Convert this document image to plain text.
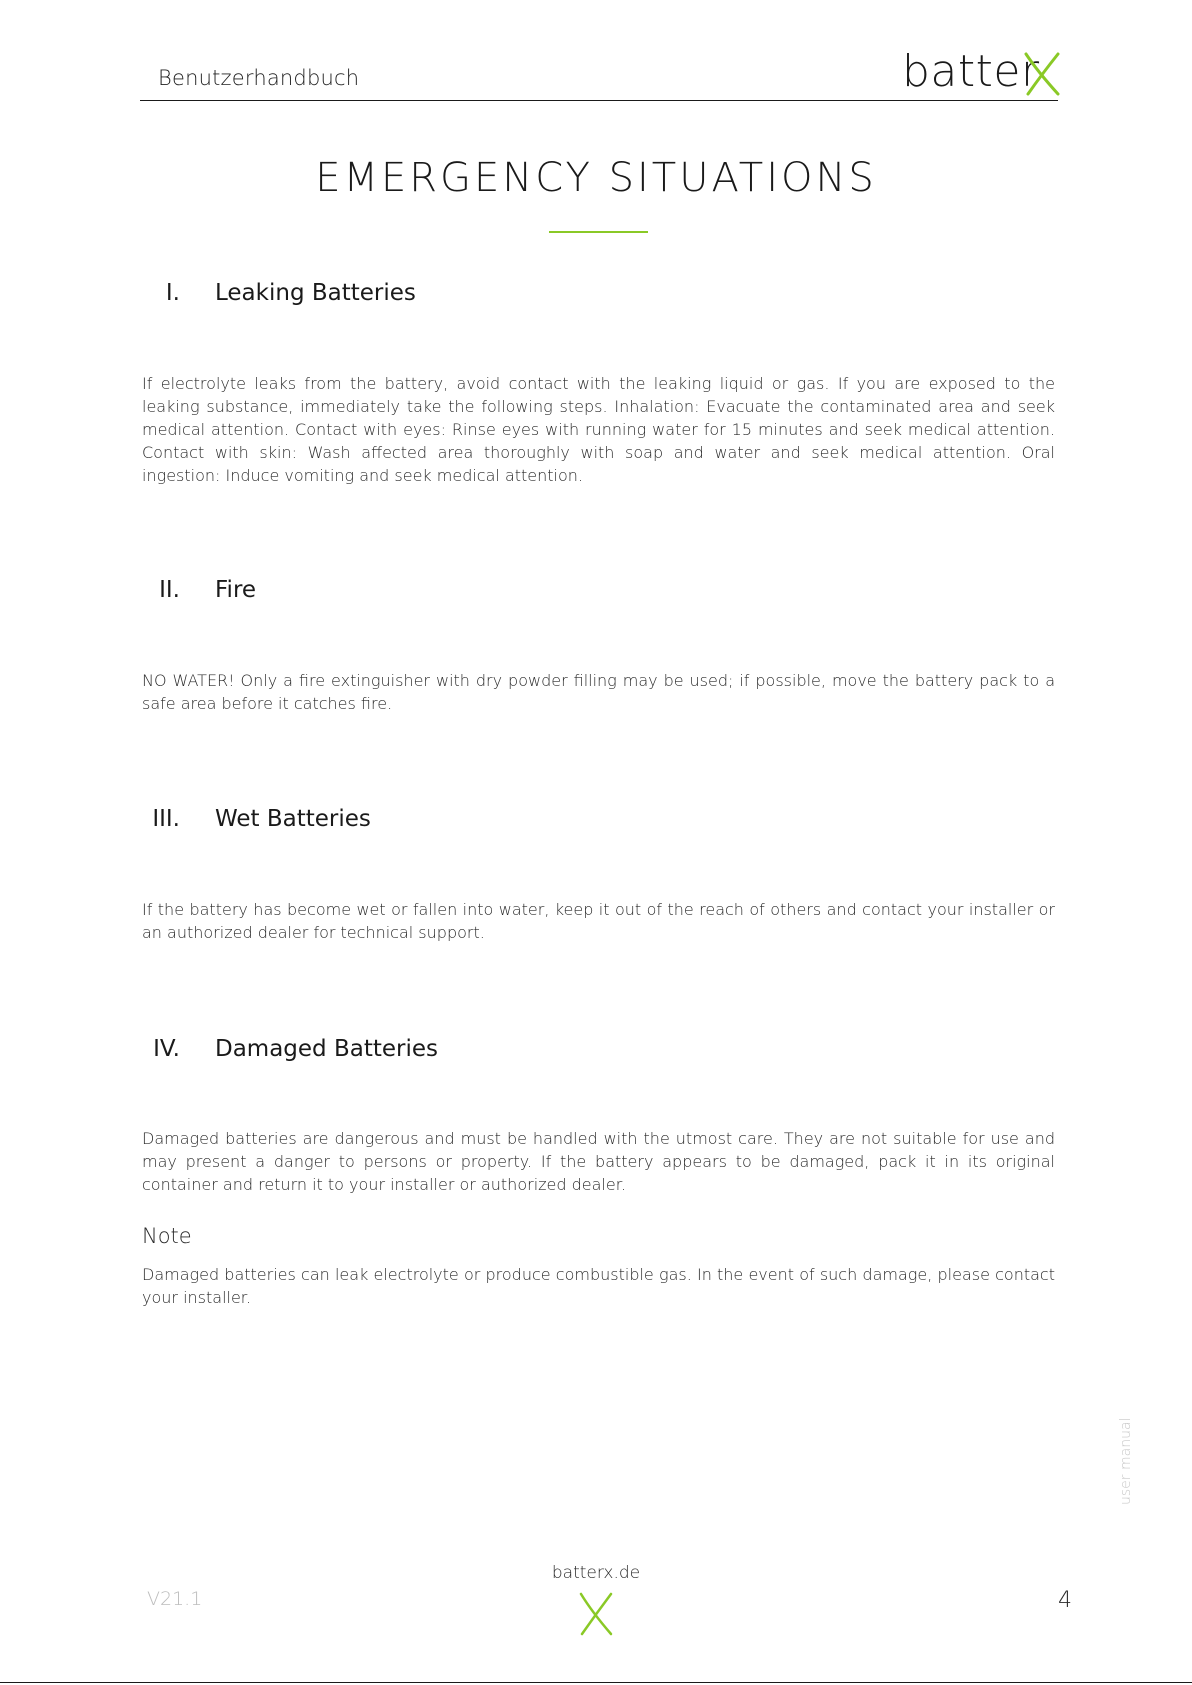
Benutzerhandbuch	batter
EMERGENCY SITUATIONS
I. Leaking Batteries
If electrolyte leaks from the battery, avoid contact with the leaking liquid or gas. If you are exposed to the leaking substance, immediately take the following steps. Inhalation: Evacuate the contaminated area and seek medical attention. Contact with eyes: Rinse eyes with running water for 15 minutes and seek medical attention. Contact with skin: Wash affected area thoroughly with soap and water and seek medical attention. Oral ingestion: Induce vomiting and seek medical attention.
II. Fire
NO WATER! Only a fire extinguisher with dry powder filling may be used; if possible, move the battery pack to a safe area before it catches fire.
III. Wet Batteries
If the battery has become wet or fallen into water, keep it out of the reach of others and contact your installer or an authorized dealer for technical support.
IV. Damaged Batteries
Damaged batteries are dangerous and must be handled with the utmost care. They are not suitable for use and may present a danger to persons or property. If the battery appears to be damaged, pack it in its original container and return it to your installer or authorized dealer.
Note
Damaged batteries can leak electrolyte or produce combustible gas. In the event of such damage, please contact your installer.
user manual
V21.1
batterx.de
4
